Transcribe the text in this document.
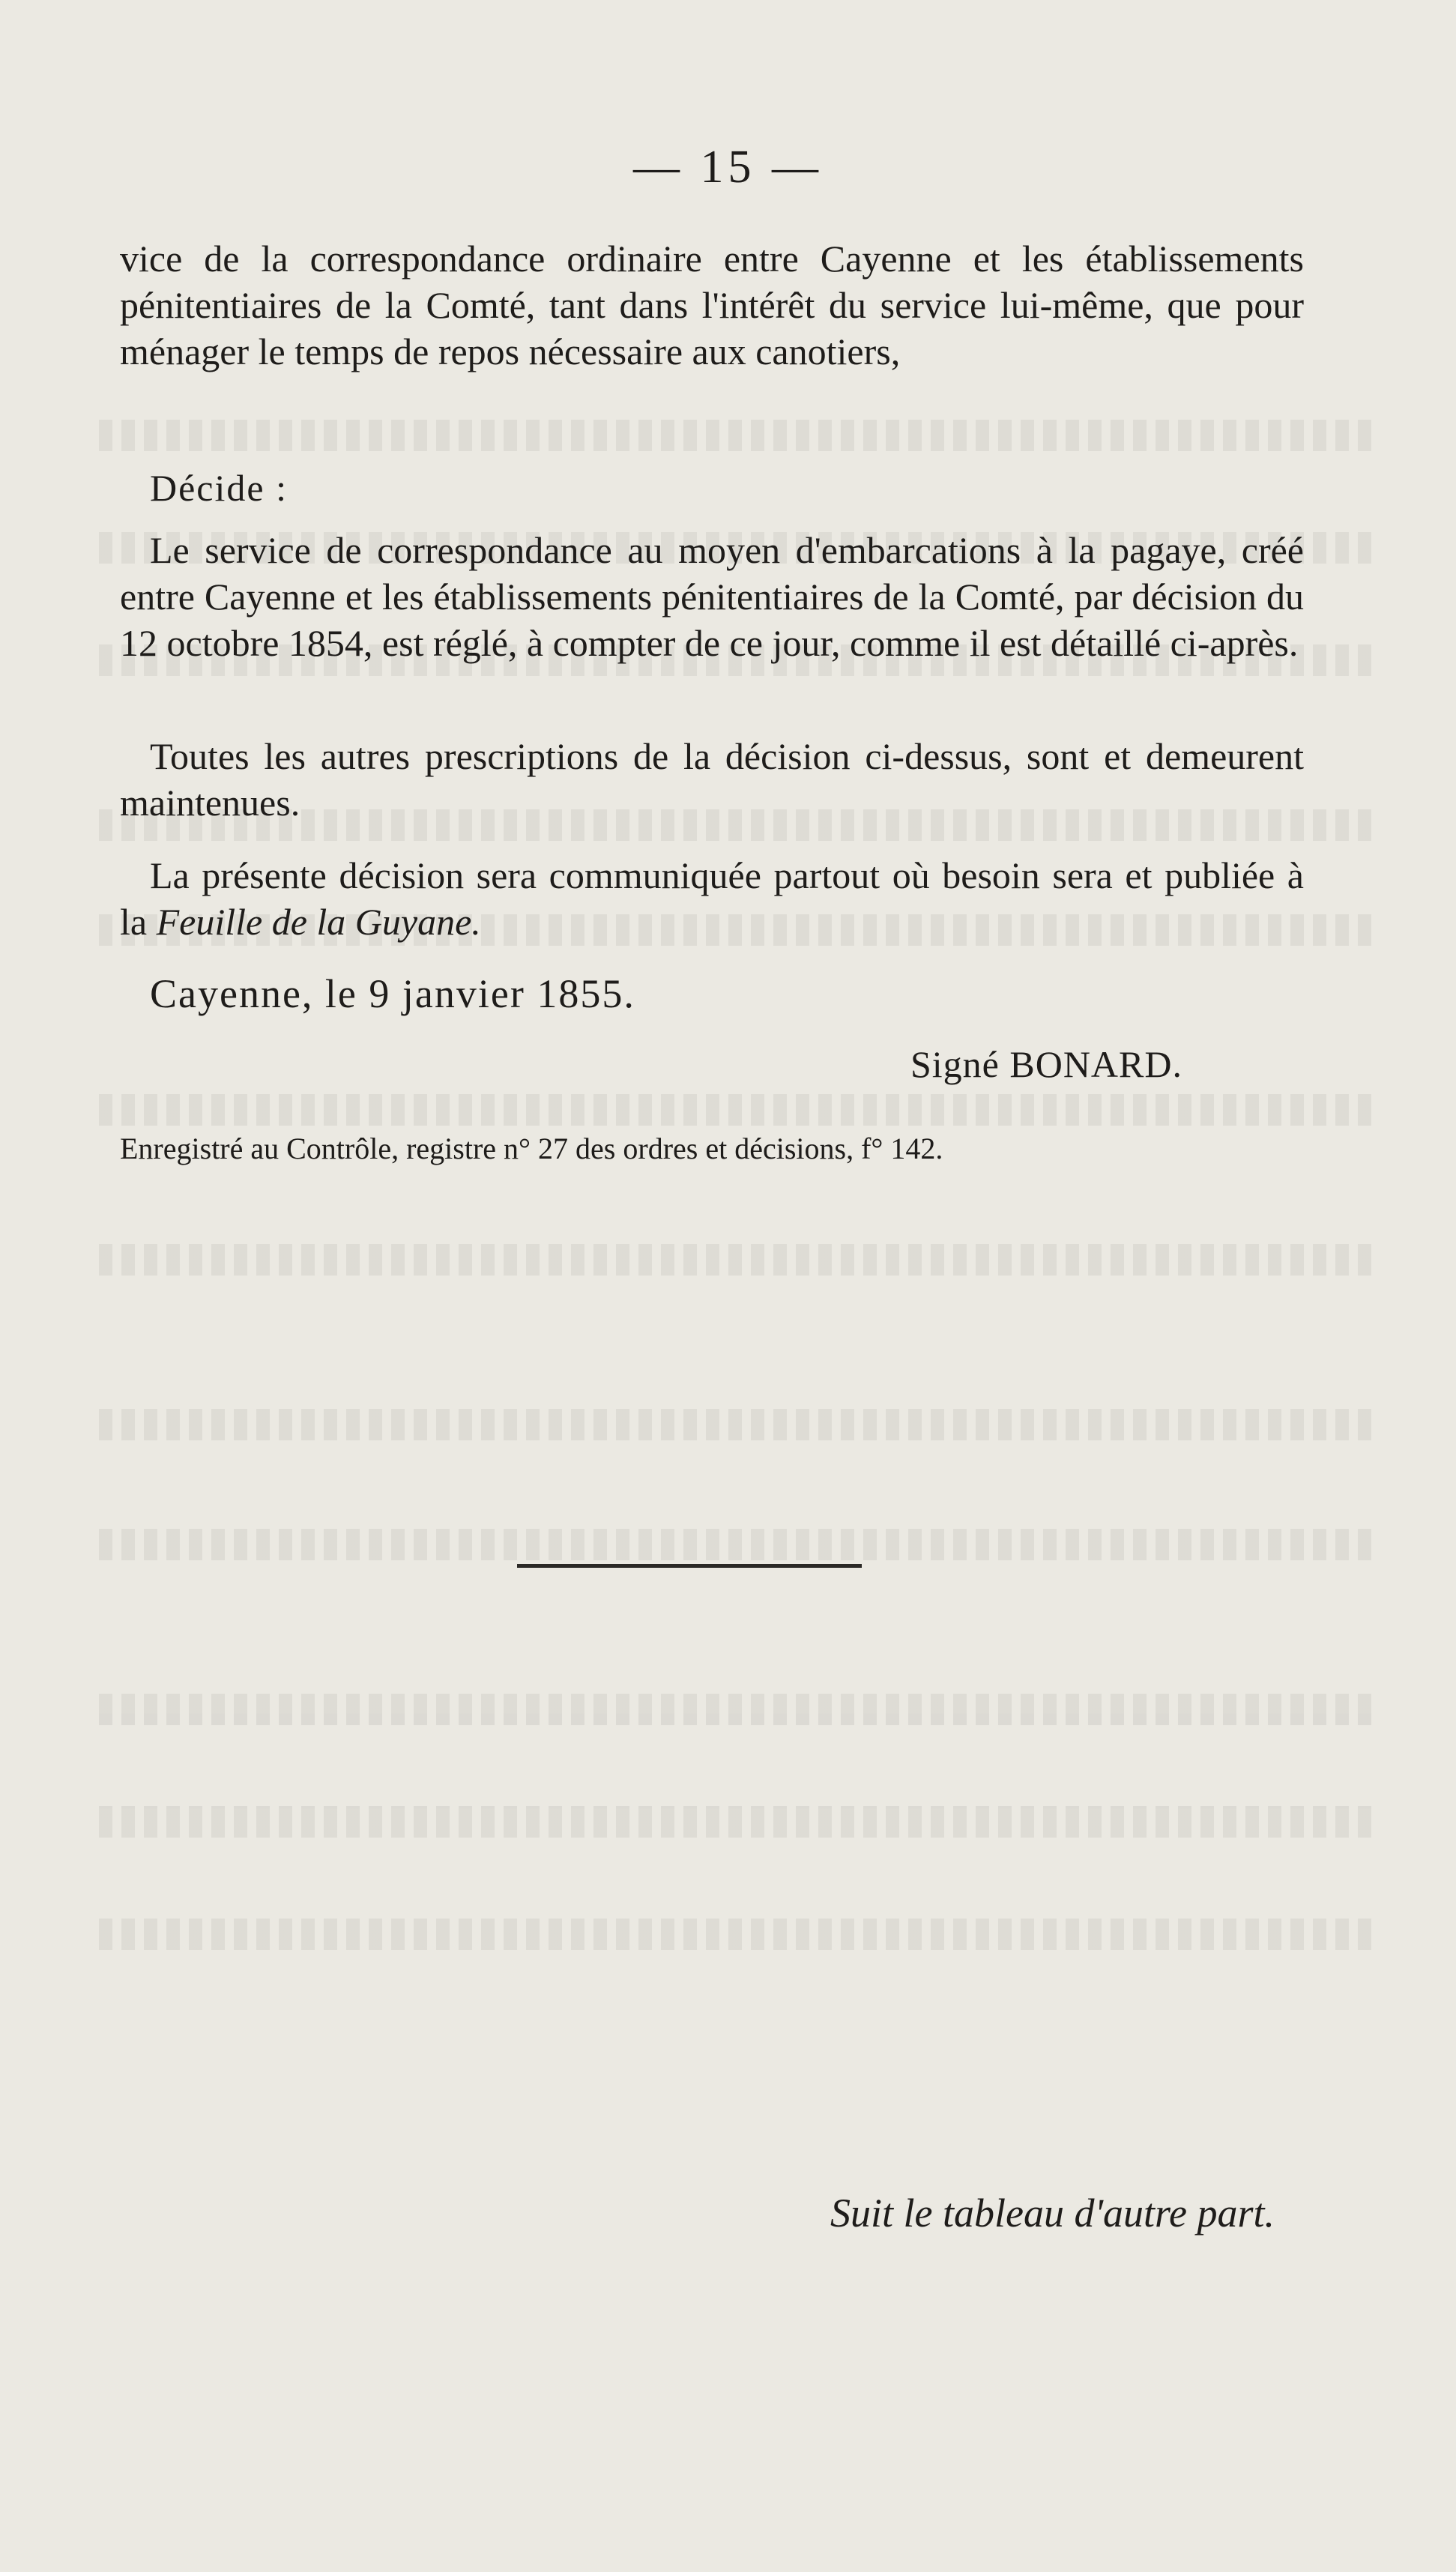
— 15 —

vice de la correspondance ordinaire entre Cayenne et les établissements pénitentiaires de la Comté, tant dans l'intérêt du service lui-même, que pour ménager le temps de repos nécessaire aux canotiers,

Décide :

Le service de correspondance au moyen d'embarcations à la pagaye, créé entre Cayenne et les établissements pénitentiaires de la Comté, par décision du 12 octobre 1854, est réglé, à compter de ce jour, comme il est détaillé ci-après.

Toutes les autres prescriptions de la décision ci-dessus, sont et demeurent maintenues.

La présente décision sera communiquée partout où besoin sera et publiée à la Feuille de la Guyane.

Cayenne, le 9 janvier 1855.
Signé BONARD.
Enregistré au Contrôle, registre n° 27 des ordres et décisions, f° 142.
Suit le tableau d'autre part.
